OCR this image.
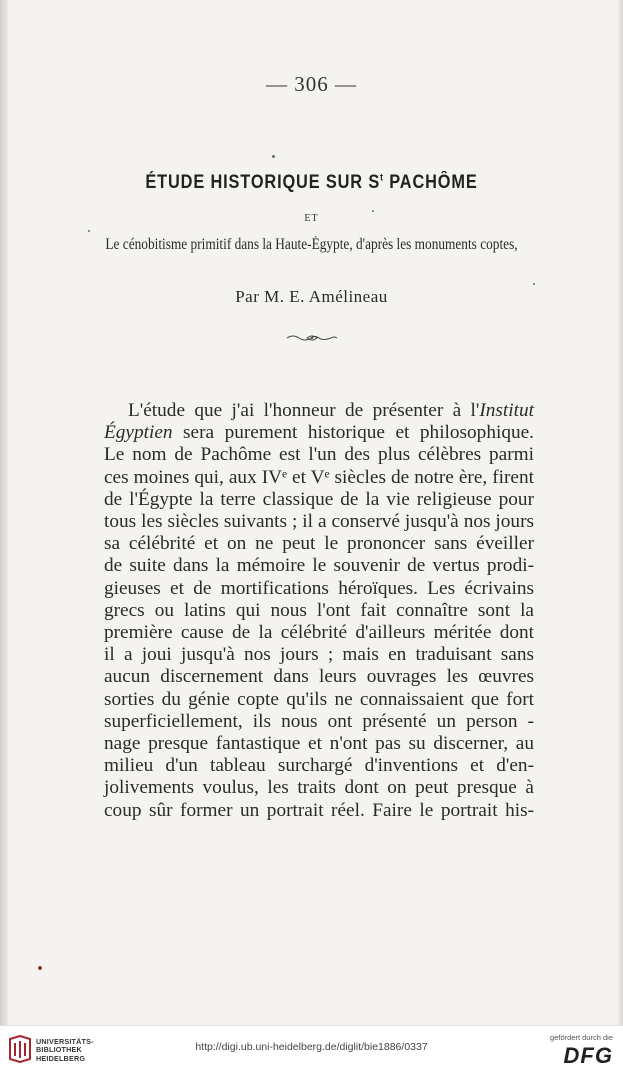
— 306 —
ÉTUDE HISTORIQUE SUR $S^t$ PACHÔME
ET
Le cénobitisme primitif dans la Haute-Égypte, d'après les monuments coptes,
Par M. E. Amélineau
L'étude que j'ai l'honneur de présenter à l'Institut
Égyptien sera purement historique et philosophique.
Le nom de Pachôme est l'un des plus célèbres parmi
ces moines qui, aux IVᵉ et Vᵉ siècles de notre ère, firent
de l'Égypte la terre classique de la vie religieuse pour
tous les siècles suivants ; il a conservé jusqu'à nos jours
sa célébrité et on ne peut le prononcer sans éveiller
de suite dans la mémoire le souvenir de vertus prodi-
gieuses et de mortifications héroïques. Les écrivains
grecs ou latins qui nous l'ont fait connaître sont la
première cause de la célébrité d'ailleurs méritée dont
il a joui jusqu'à nos jours ; mais en traduisant sans
aucun discernement dans leurs ouvrages les œuvres
sorties du génie copte qu'ils ne connaissaient que fort
superficiellement, ils nous ont présenté un person -
nage presque fantastique et n'ont pas su discerner, au
milieu d'un tableau surchargé d'inventions et d'en-
jolivements voulus, les traits dont on peut presque à
coup sûr former un portrait réel. Faire le portrait his-
UNIVERSITÄTS-
BIBLIOTHEK
HEIDELBERG
http://digi.ub.uni-heidelberg.de/diglit/bie1886/0337
gefördert durch die
DFG
